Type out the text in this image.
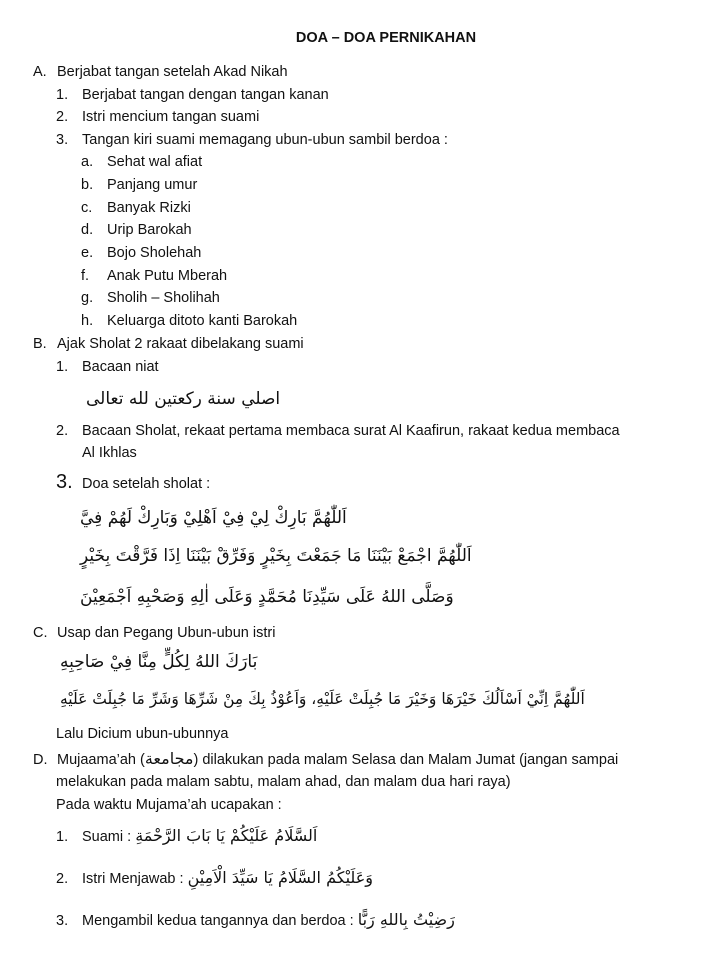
DOA – DOA PERNIKAHAN
A. Berjabat tangan setelah Akad Nikah
1. Berjabat tangan dengan tangan kanan
2. Istri mencium tangan suami
3. Tangan kiri suami memagang ubun-ubun sambil berdoa :
a. Sehat wal afiat
b. Panjang umur
c. Banyak Rizki
d. Urip Barokah
e. Bojo Sholehah
f. Anak Putu Mberah
g. Sholih – Sholihah
h. Keluarga ditoto kanti Barokah
B. Ajak Sholat 2 rakaat dibelakang suami
1. Bacaan niat
اصلي سنة ركعتين لله تعالى
2. Bacaan Sholat, rekaat pertama membaca surat Al Kaafirun, rakaat kedua membaca
Al Ikhlas
3. Doa setelah sholat :
اَللّٰهُمَّ بَارِكْ لِيْ فِيْ اَهْلِيْ وَبَارِكْ لَهُمْ فِيَّ
اَللّٰهُمَّ اجْمَعْ بَيْنَنَا مَا جَمَعْتَ بِخَيْرٍ وَفَرِّقْ بَيْنَنَا اِذَا فَرَّقْتَ بِخَيْرٍ
وَصَلَّى اللهُ عَلَى سَيِّدِنَا مُحَمَّدٍ وَعَلَى اٰلِهِ وَصَحْبِهِ اَجْمَعِيْنَ
C. Usap dan Pegang Ubun-ubun istri
بَارَكَ اللهُ لِكُلٍّ مِنَّا فِيْ صَاحِبِهِ
اَللّٰهُمَّ اِنِّيْ اَسْاَلُكَ خَيْرَهَا وَخَيْرَ مَا جُبِلَتْ عَلَيْهِ، وَاَعُوْذُ بِكَ مِنْ شَرِّهَا وَشَرِّ مَا جُبِلَتْ عَلَيْهِ
Lalu Dicium ubun-ubunnya
D. Mujaama’ah (مجامعة) dilakukan pada malam Selasa dan Malam Jumat (jangan sampai
melakukan pada malam sabtu, malam ahad, dan malam dua hari raya)
Pada waktu Mujama’ah ucapakan :
1. Suami : اَلسَّلَامُ عَلَيْكُمْ يَا بَابَ الرَّحْمَةِ
2. Istri Menjawab : وَعَلَيْكُمُ السَّلَامُ يَا سَيِّدَ الْاَمِيْنِ
3. Mengambil kedua tangannya dan berdoa : رَضِيْتُ بِاللهِ رَبًّا
